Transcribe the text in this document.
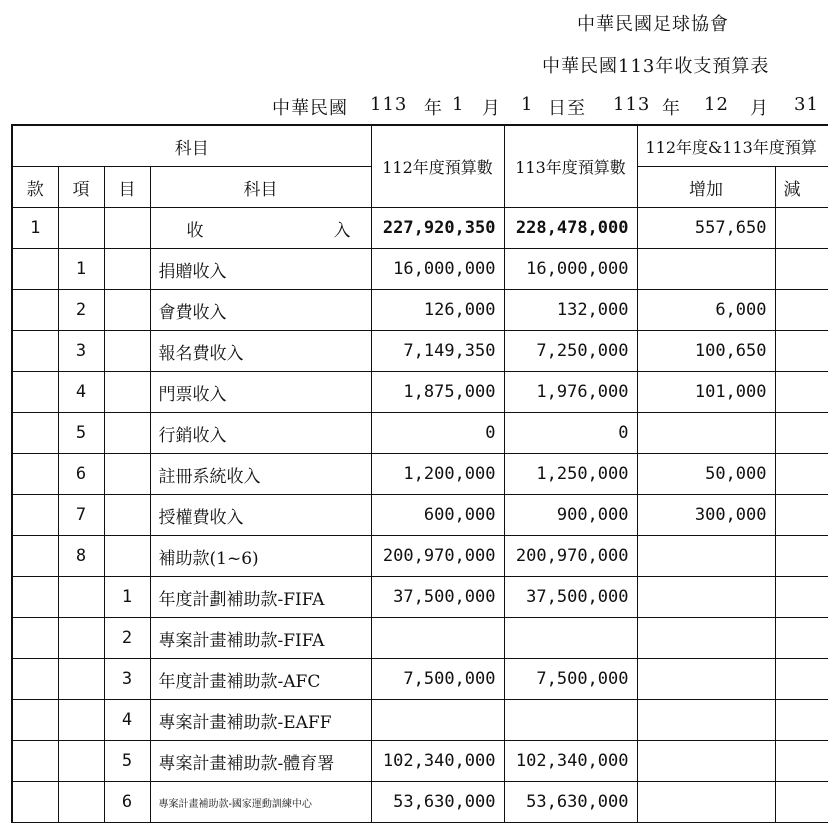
中華民國足球協會
中華民國113年收支預算表
中華民國 113 年 1 月 1 日至 113 年 12 月 31
科目				112年度預算數	113年度預算數	112年度&113年度預算	
款	項	目	科目			增加	減
1			收 入	227,920,350	228,478,000	557,650	
	1		捐贈收入	16,000,000	16,000,000		
	2		會費收入	126,000	132,000	6,000	
	3		報名費收入	7,149,350	7,250,000	100,650	
	4		門票收入	1,875,000	1,976,000	101,000	
	5		行銷收入	0	0		
	6		註冊系統收入	1,200,000	1,250,000	50,000	
	7		授權費收入	600,000	900,000	300,000	
	8		補助款(1~6)	200,970,000	200,970,000		
		1	年度計劃補助款-FIFA	37,500,000	37,500,000		
		2	專案計畫補助款-FIFA				
		3	年度計畫補助款-AFC	7,500,000	7,500,000		
		4	專案計畫補助款-EAFF				
		5	專案計畫補助款-體育署	102,340,000	102,340,000		
		6	專案計畫補助款-國家運動訓練中心	53,630,000	53,630,000		
